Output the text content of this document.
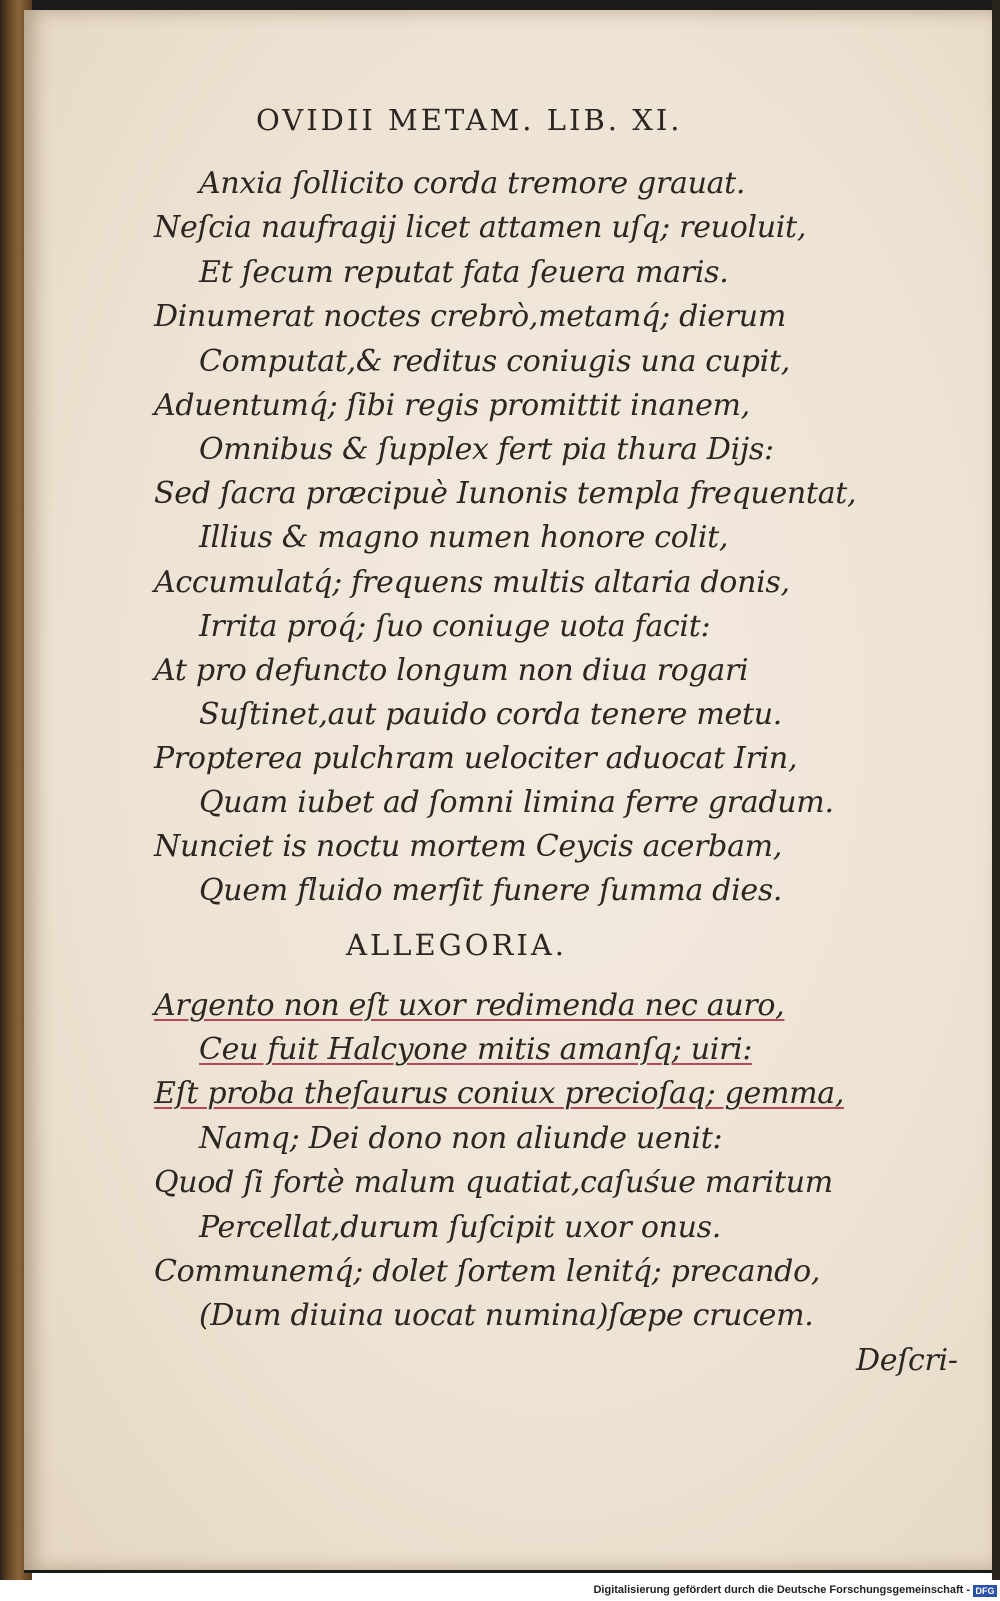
OVIDII METAM. LIB. XI.
Anxia ſollicito corda tremore grauat.
Neſcia naufragij licet attamen uſq; reuoluit,
Et ſecum reputat fata ſeuera maris.
Dinumerat noctes crebrò,metamq́; dierum
Computat,& reditus coniugis una cupit,
Aduentumq́; ſibi regis promittit inanem,
Omnibus & ſupplex fert pia thura Dijs:
Sed ſacra præcipuè Iunonis templa frequentat,
Illius & magno numen honore colit,
Accumulatq́; frequens multis altaria donis,
Irrita proq́; ſuo coniuge uota facit:
At pro defuncto longum non diua rogari
Suſtinet,aut pauido corda tenere metu.
Propterea pulchram uelociter aduocat Irin,
Quam iubet ad ſomni limina ferre gradum.
Nunciet is noctu mortem Ceycis acerbam,
Quem fluido merſit funere ſumma dies.
ALLEGORIA.
Argento non eſt uxor redimenda nec auro,
Ceu fuit Halcyone mitis amanſq; uiri:
Eſt proba theſaurus coniux precioſaq; gemma,
Namq; Dei dono non aliunde uenit:
Quod ſi fortè malum quatiat,caſuśue maritum
Percellat,durum ſuſcipit uxor onus.
Communemq́; dolet ſortem lenitq́; precando,
(Dum diuina uocat numina)ſæpe crucem.
Deſcri-
Digitalisierung gefördert durch die Deutsche Forschungsgemeinschaft - DFG
